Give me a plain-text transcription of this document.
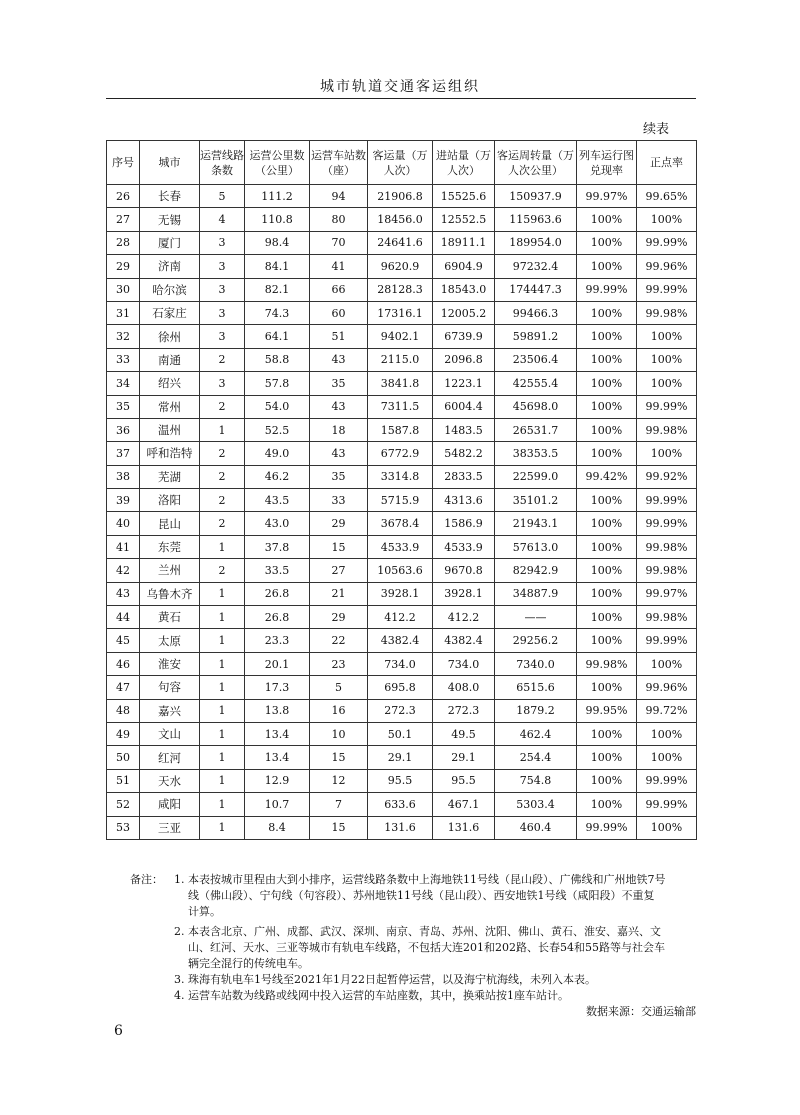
城市轨道交通客运组织
续表
序号	城市	运营线路条数	运营公里数（公里）	运营车站数（座）	客运量（万人次）	进站量（万人次）	客运周转量（万人次公里）	列车运行图兑现率	正点率
26	长春	5	111.2	94	21906.8	15525.6	150937.9	99.97%	99.65%
27	无锡	4	110.8	80	18456.0	12552.5	115963.6	100%	100%
28	厦门	3	98.4	70	24641.6	18911.1	189954.0	100%	99.99%
29	济南	3	84.1	41	9620.9	6904.9	97232.4	100%	99.96%
30	哈尔滨	3	82.1	66	28128.3	18543.0	174447.3	99.99%	99.99%
31	石家庄	3	74.3	60	17316.1	12005.2	99466.3	100%	99.98%
32	徐州	3	64.1	51	9402.1	6739.9	59891.2	100%	100%
33	南通	2	58.8	43	2115.0	2096.8	23506.4	100%	100%
34	绍兴	3	57.8	35	3841.8	1223.1	42555.4	100%	100%
35	常州	2	54.0	43	7311.5	6004.4	45698.0	100%	99.99%
36	温州	1	52.5	18	1587.8	1483.5	26531.7	100%	99.98%
37	呼和浩特	2	49.0	43	6772.9	5482.2	38353.5	100%	100%
38	芜湖	2	46.2	35	3314.8	2833.5	22599.0	99.42%	99.92%
39	洛阳	2	43.5	33	5715.9	4313.6	35101.2	100%	99.99%
40	昆山	2	43.0	29	3678.4	1586.9	21943.1	100%	99.99%
41	东莞	1	37.8	15	4533.9	4533.9	57613.0	100%	99.98%
42	兰州	2	33.5	27	10563.6	9670.8	82942.9	100%	99.98%
43	乌鲁木齐	1	26.8	21	3928.1	3928.1	34887.9	100%	99.97%
44	黄石	1	26.8	29	412.2	412.2	——	100%	99.98%
45	太原	1	23.3	22	4382.4	4382.4	29256.2	100%	99.99%
46	淮安	1	20.1	23	734.0	734.0	7340.0	99.98%	100%
47	句容	1	17.3	5	695.8	408.0	6515.6	100%	99.96%
48	嘉兴	1	13.8	16	272.3	272.3	1879.2	99.95%	99.72%
49	文山	1	13.4	10	50.1	49.5	462.4	100%	100%
50	红河	1	13.4	15	29.1	29.1	254.4	100%	100%
51	天水	1	12.9	12	95.5	95.5	754.8	100%	99.99%
52	咸阳	1	10.7	7	633.6	467.1	5303.4	100%	99.99%
53	三亚	1	8.4	15	131.6	131.6	460.4	99.99%	100%
备注：	1. 本表按城市里程由大到小排序，运营线路条数中上海地铁11号线（昆山段）、广佛线和广州地铁7号
线（佛山段）、宁句线（句容段）、苏州地铁11号线（昆山段）、西安地铁1号线（咸阳段）不重复
计算。
2. 本表含北京、广州、成都、武汉、深圳、南京、青岛、苏州、沈阳、佛山、黄石、淮安、嘉兴、文
山、红河、天水、三亚等城市有轨电车线路，不包括大连201和202路、长春54和55路等与社会车
辆完全混行的传统电车。
3. 珠海有轨电车1号线至2021年1月22日起暂停运营，以及海宁杭海线，未列入本表。
4. 运营车站数为线路或线网中投入运营的车站座数，其中，换乘站按1座车站计。
数据来源：交通运输部
6
